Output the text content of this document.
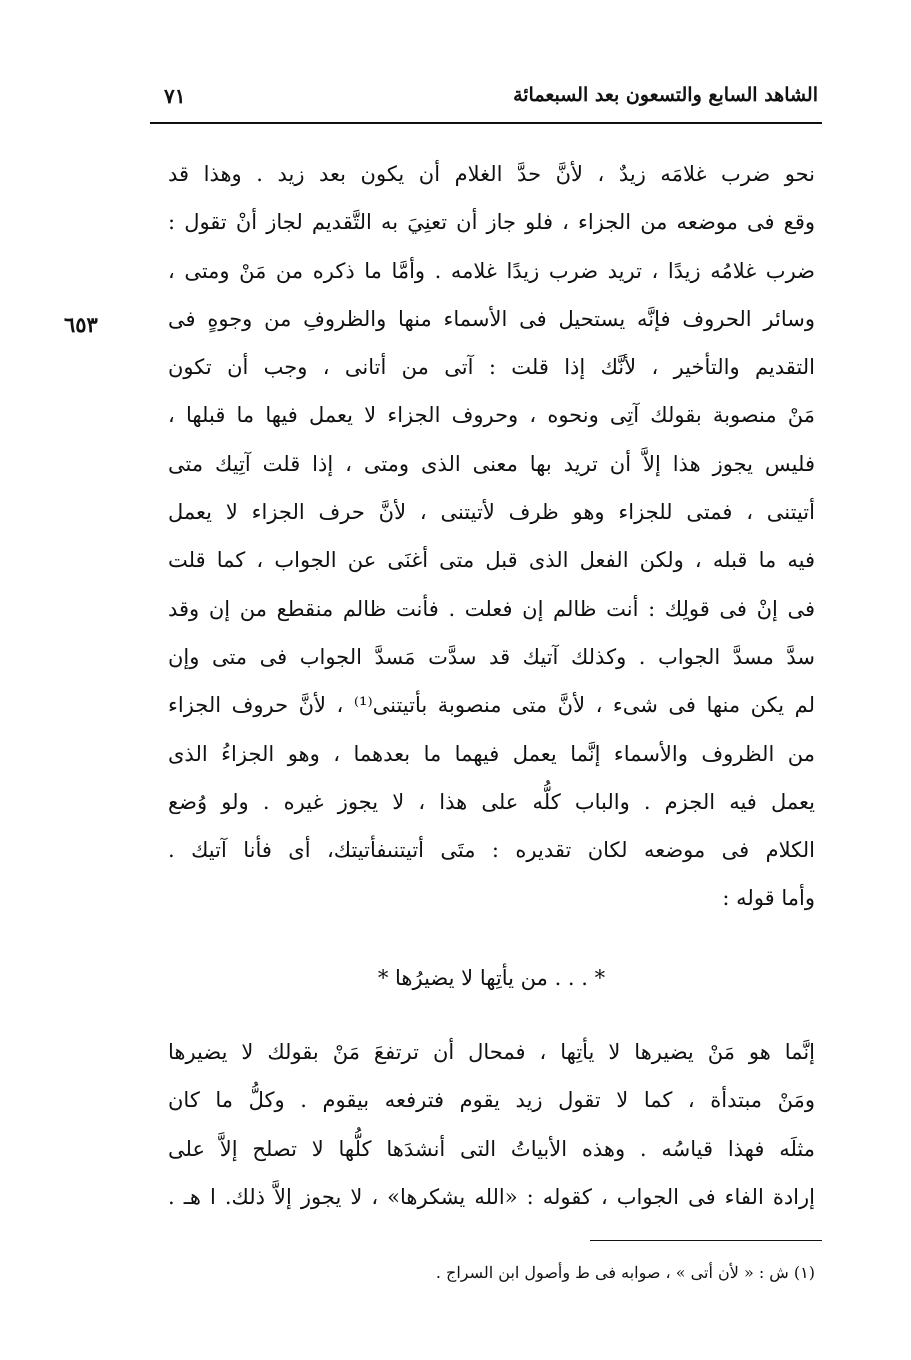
الشاهد السابع والتسعون بعد السبعمائة
٧١
٦٥٣
نحو ضرب غلامَه زيدٌ ، لأنَّ حدَّ الغلام أن يكون بعد زيد . وهذا قد
وقع فى موضعه من الجزاء ، فلو جاز أن تعنِيَ به التَّقديم لجاز أنْ تقول :
ضرب غلامُه زيدًا ، تريد ضرب زيدًا غلامه . وأمَّا ما ذكره من مَنْ ومتى ،
وسائر الحروف فإنَّه يستحيل فى الأسماء منها والظروفِ من وجوهٍ فى
التقديم والتأخير ، لأنَّك إذا قلت : آتى من أتانى ، وجب أن تكون
مَنْ منصوبة بقولك آتِى ونحوه ، وحروف الجزاء لا يعمل فيها ما قبلها ،
فليس يجوز هذا إلاَّ أن تريد بها معنى الذى ومتى ، إذا قلت آتِيك متى
أتيتنى ، فمتى للجزاء وهو ظرف لأتيتنى ، لأنَّ حرف الجزاء لا يعمل
فيه ما قبله ، ولكن الفعل الذى قبل متى أغنَى عن الجواب ، كما قلت
فى إنْ فى قولِك : أنت ظالم إن فعلت . فأنت ظالم منقطع من إن وقد
سدَّ مسدَّ الجواب . وكذلك آتيك قد سدَّت مَسدَّ الجواب فى متى وإن
لم يكن منها فى شىء ، لأنَّ متى منصوبة بأتيتنى⁽¹⁾ ، لأنَّ حروف الجزاء
من الظروف والأسماء إنَّما يعمل فيهما ما بعدهما ، وهو الجزاءُ الذى
يعمل فيه الجزم . والباب كلُّه على هذا ، لا يجوز غيره . ولو وُضع
الكلام فى موضعه لكان تقديره : متَى أتيتنىفأتيتك، أى فأنا آتيك .
وأما قوله :
* . . . من يأتِها لا يضيرُها *
إنَّما هو مَنْ يضيرها لا يأتِها ، فمحال أن ترتفعَ مَنْ بقولك لا يضيرها
ومَنْ مبتدأة ، كما لا تقول زيد يقوم فترفعه بيقوم . وكلُّ ما كان
مثلَه فهذا قياسُه . وهذه الأبياتُ التى أنشدَها كلُّها لا تصلح إلاَّ على
إرادة الفاء فى الجواب ، كقوله : «الله يشكرها» ، لا يجوز إلاَّ ذلك. ا هـ .
(١) ش : « لأن أتى » ، صوابه فى ط وأصول ابن السراج .
